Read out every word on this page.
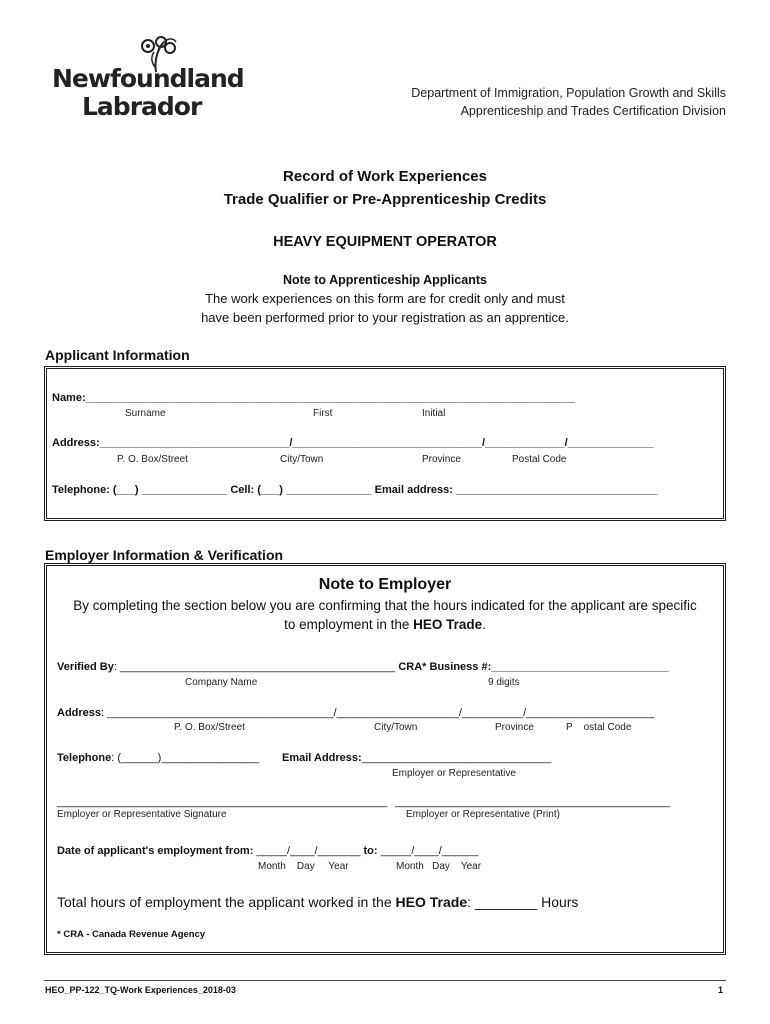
Newfoundland
Labrador	Department of Immigration, Population Growth and Skills
Apprenticeship and Trades Certification Division
Record of Work Experiences
Trade Qualifier or Pre-Apprenticeship Credits
HEAVY EQUIPMENT OPERATOR
Note to Apprenticeship Applicants
The work experiences on this form are for credit only and must
have been performed prior to your registration as an apprentice.
Applicant Information
Name:________________________________________________________________________________
Surname	First	Initial
Address:_______________________________/_______________________________/_____________/______________
P. O. Box/Street	City/Town	Province	Postal Code
Telephone: (___) ______________ Cell: (___) ______________ Email address: _________________________________
Employer Information & Verification
Note to Employer
By completing the section below you are confirming that the hours indicated for the applicant are specific
to employment in the HEO Trade.
Verified By: _____________________________________________ CRA* Business #:_____________________________
Company Name	9 digits
Address: _____________________________________/____________________/__________/_____________________
P. O. Box/Street	City/Town	Province	P    ostal Code
Telephone: (______)________________ Email Address:_______________________________
Employer or Representative
______________________________________________________ _____________________________________________
Employer or Representative Signature	Employer or Representative (Print)
Date of applicant's employment from: _____/____/_______ to: _____/____/______
Month    Day     Year	Month   Day    Year
Total hours of employment the applicant worked in the HEO Trade: ________ Hours
* CRA - Canada Revenue Agency
HEO_PP-122_TQ-Work Experiences_2018-03	1
